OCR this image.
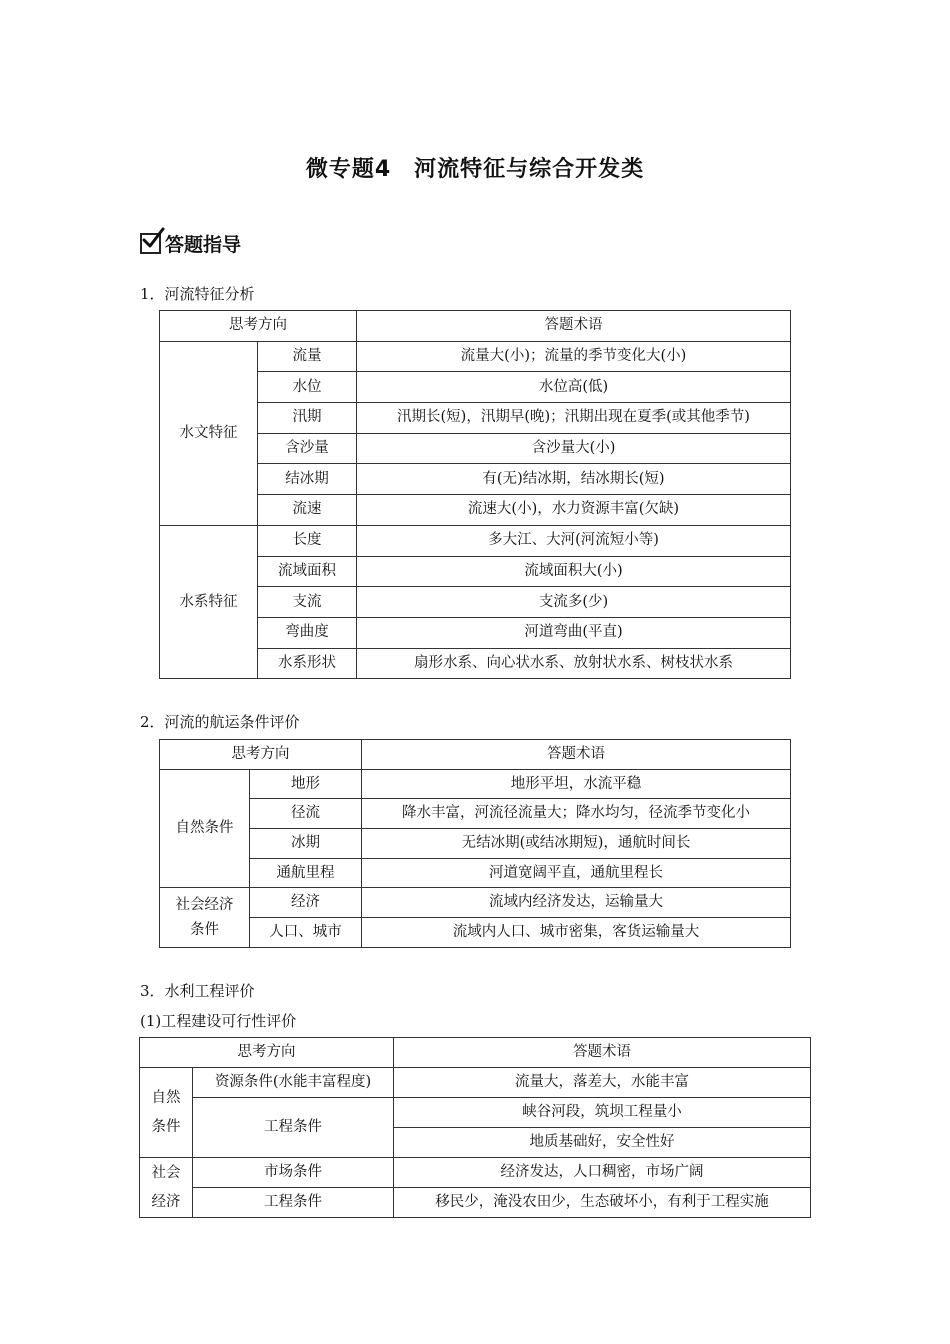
微专题4　河流特征与综合开发类
答题指导
1．河流特征分析
思考方向		答题术语
水文特征	流量	流量大(小)；流量的季节变化大(小)
	水位	水位高(低)
	汛期	汛期长(短)，汛期早(晚)；汛期出现在夏季(或其他季节)
	含沙量	含沙量大(小)
	结冰期	有(无)结冰期，结冰期长(短)
	流速	流速大(小)，水力资源丰富(欠缺)
水系特征	长度	多大江、大河(河流短小等)
	流域面积	流域面积大(小)
	支流	支流多(少)
	弯曲度	河道弯曲(平直)
	水系形状	扇形水系、向心状水系、放射状水系、树枝状水系
2．河流的航运条件评价
思考方向		答题术语
自然条件	地形	地形平坦，水流平稳
	径流	降水丰富，河流径流量大；降水均匀，径流季节变化小
	冰期	无结冰期(或结冰期短)，通航时间长
	通航里程	河道宽阔平直，通航里程长

社会经济
条件	经济	流域内经济发达，运输量大
	人口、城市	流域内人口、城市密集，客货运输量大
3．水利工程评价
(1)工程建设可行性评价
思考方向		答题术语

自然
条件	资源条件(水能丰富程度)	流量大，落差大，水能丰富
	工程条件	峡谷河段，筑坝工程量小
		地质基础好，安全性好

社会
经济	市场条件	经济发达，人口稠密，市场广阔
	工程条件	移民少，淹没农田少，生态破坏小，有利于工程实施
